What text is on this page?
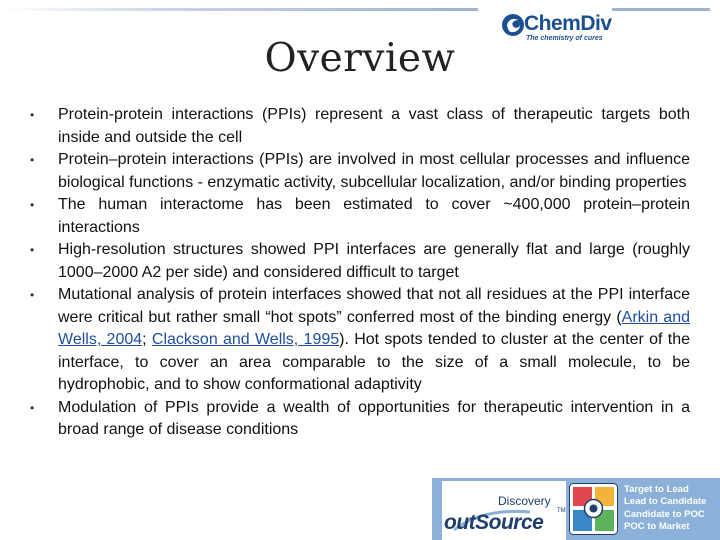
ChemDiv
The chemistry of cures
Overview
• Protein-protein interactions (PPIs) represent a vast class of therapeutic targets both inside and outside the cell
• Protein–protein interactions (PPIs) are involved in most cellular processes and influence biological functions - enzymatic activity, subcellular localization, and/or binding properties
• The human interactome has been estimated to cover ~400,000 protein–protein interactions
• High-resolution structures showed PPI interfaces are generally flat and large (roughly 1000–2000 A2 per side) and considered difficult to target
• Mutational analysis of protein interfaces showed that not all residues at the PPI interface were critical but rather small “hot spots” conferred most of the binding energy (Arkin and Wells, 2004; Clackson and Wells, 1995). Hot spots tended to cluster at the center of the interface, to cover an area comparable to the size of a small molecule, to be hydrophobic, and to show conformational adaptivity
• Modulation of PPIs provide a wealth of opportunities for therapeutic intervention in a broad range of disease conditions
Discovery
TM
outSource
Target to Lead
Lead to Candidate
Candidate to POC
POC to Market
